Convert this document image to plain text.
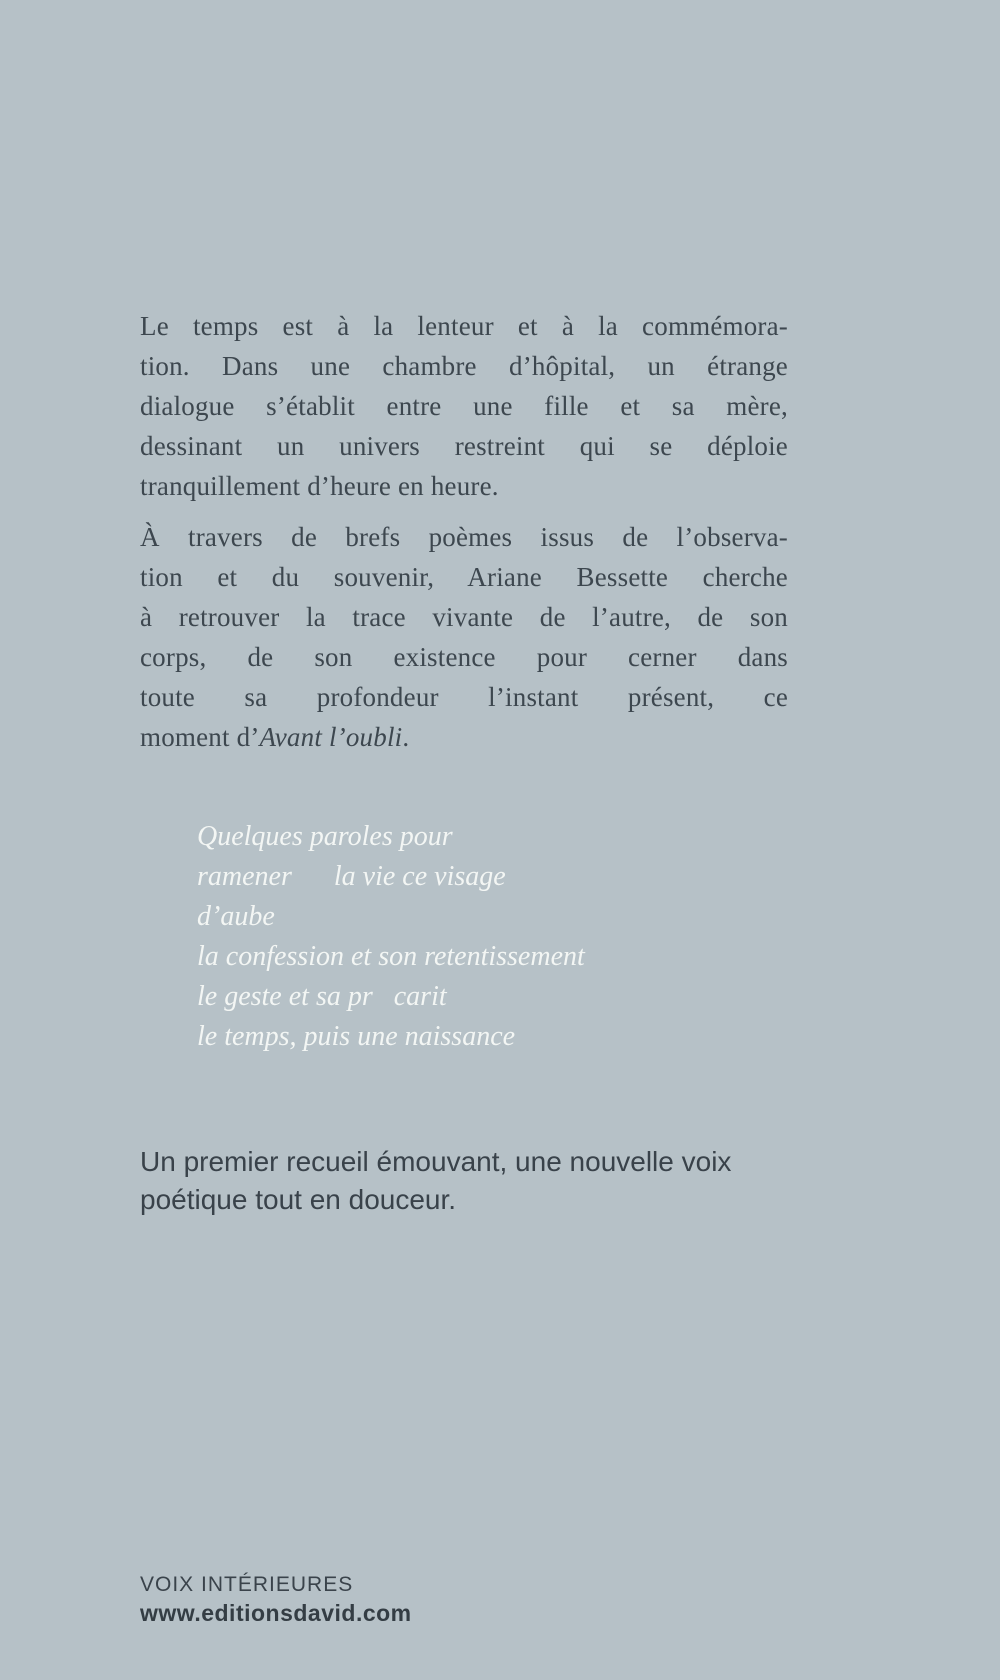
Le temps est à la lenteur et à la commémora-
tion. Dans une chambre d’hôpital, un étrange
dialogue s’établit entre une fille et sa mère,
dessinant un univers restreint qui se déploie
tranquillement d’heure en heure.
À travers de brefs poèmes issus de l’observa-
tion et du souvenir, Ariane Bessette cherche
à retrouver la trace vivante de l’autre, de son
corps, de son existence pour cerner dans
toute sa profondeur l’instant présent, ce
moment d’Avant l’oubli.
Quelques paroles pour
ramener      la vie ce visage
d’aube
la confession et son retentissement
le geste et sa pr   carit
le temps, puis une naissance
Un premier recueil émouvant, une nouvelle voix
poétique tout en douceur.
VOIX INTÉRIEURES
www.editionsdavid.com
